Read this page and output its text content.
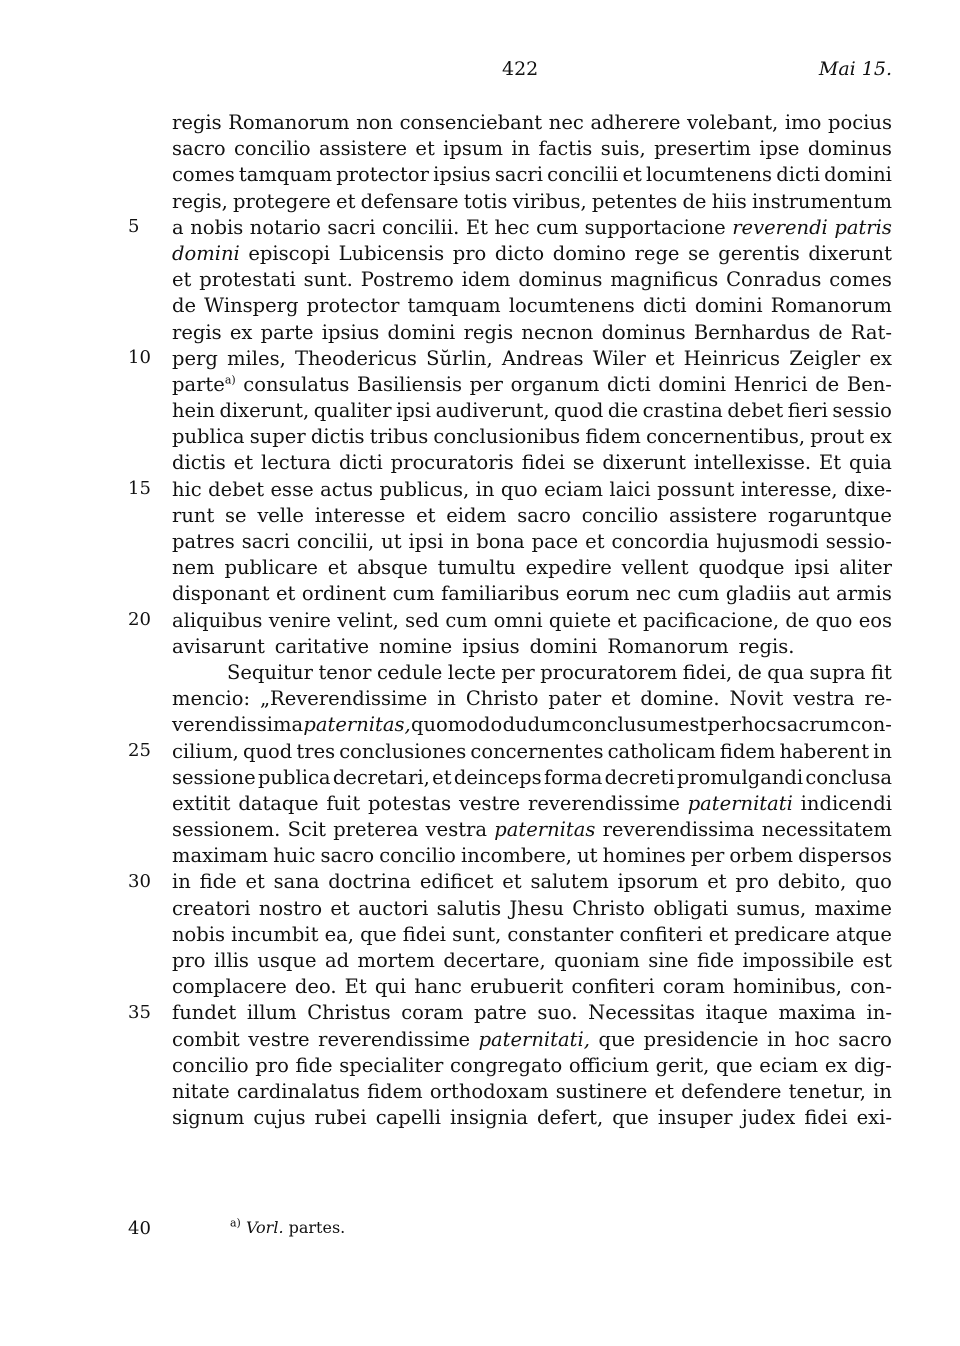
422	Mai 15.
5
10
15
20
25
30
35
regis Romanorum non consenciebant nec adherere volebant, imo pocius
sacro concilio assistere et ipsum in factis suis, presertim ipse dominus
comes tamquam protector ipsius sacri concilii et locumtenens dicti domini
regis, protegere et defensare totis viribus, petentes de hiis instrumentum
a nobis notario sacri concilii. Et hec cum supportacione reverendi patris
domini episcopi Lubicensis pro dicto domino rege se gerentis dixerunt
et protestati sunt. Postremo idem dominus magnificus Conradus comes
de Winsperg protector tamquam locumtenens dicti domini Romanorum
regis ex parte ipsius domini regis necnon dominus Bernhardus de Rat-
perg miles, Theodericus Sŭrlin, Andreas Wiler et Heinricus Zeigler ex
parte$^{a)}$ consulatus Basiliensis per organum dicti domini Henrici de Ben-
hein dixerunt, qualiter ipsi audiverunt, quod die crastina debet fieri sessio
publica super dictis tribus conclusionibus fidem concernentibus, prout ex
dictis et lectura dicti procuratoris fidei se dixerunt intellexisse. Et quia
hic debet esse actus publicus, in quo eciam laici possunt interesse, dixe-
runt se velle interesse et eidem sacro concilio assistere rogaruntque
patres sacri concilii, ut ipsi in bona pace et concordia hujusmodi sessio-
nem publicare et absque tumultu expedire vellent quodque ipsi aliter
disponant et ordinent cum familiaribus eorum nec cum gladiis aut armis
aliquibus venire velint, sed cum omni quiete et pacificacione, de quo eos
avisarunt caritative nomine ipsius domini Romanorum regis.
Sequitur tenor cedule lecte per procuratorem fidei, de qua supra fit
mencio: „Reverendissime in Christo pater et domine. Novit vestra re-
verendissima paternitas, quomodo dudum conclusum est per hoc sacrum con-
cilium, quod tres conclusiones concernentes catholicam fidem haberent in
sessione publica decretari, et deinceps forma decreti promulgandi conclusa
extitit dataque fuit potestas vestre reverendissime paternitati indicendi
sessionem. Scit preterea vestra paternitas reverendissima necessitatem
maximam huic sacro concilio incombere, ut homines per orbem dispersos
in fide et sana doctrina edificet et salutem ipsorum et pro debito, quo
creatori nostro et auctori salutis Jhesu Christo obligati sumus, maxime
nobis incumbit ea, que fidei sunt, constanter confiteri et predicare atque
pro illis usque ad mortem decertare, quoniam sine fide impossibile est
complacere deo. Et qui hanc erubuerit confiteri coram hominibus, con-
fundet illum Christus coram patre suo. Necessitas itaque maxima in-
combit vestre reverendissime paternitati, que presidencie in hoc sacro
concilio pro fide specialiter congregato officium gerit, que eciam ex dig-
nitate cardinalatus fidem orthodoxam sustinere et defendere tenetur, in
signum cujus rubei capelli insignia defert, que insuper judex fidei exi-
40	$^{a)}$ Vorl. partes.
